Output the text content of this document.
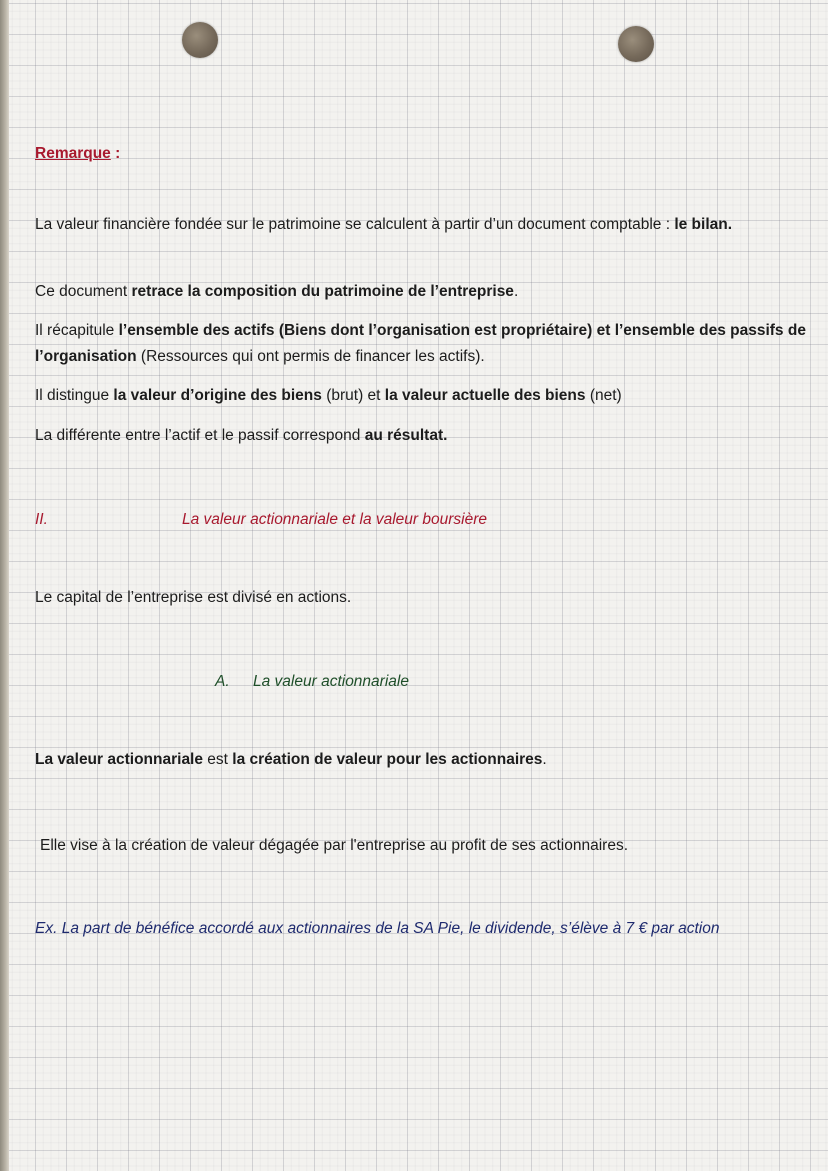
Remarque :
La valeur financière fondée sur le patrimoine se calculent à partir d’un document comptable : le bilan.
Ce document retrace la composition du patrimoine de l’entreprise.
Il récapitule l’ensemble des actifs (Biens dont l’organisation est propriétaire) et l’ensemble des passifs de l’organisation (Ressources qui ont permis de financer les actifs).
Il distingue la valeur d’origine des biens (brut) et la valeur actuelle des biens (net)
La différente entre l’actif et le passif correspond au résultat.
II.	La valeur actionnariale et la valeur boursière
Le capital de l’entreprise est divisé en actions.
A. La valeur actionnariale
La valeur actionnariale est la création de valeur pour les actionnaires.
Elle vise à la création de valeur dégagée par l'entreprise au profit de ses actionnaires.
Ex. La part de bénéfice accordé aux actionnaires de la SA Pie, le dividende, s’élève à 7 € par action
